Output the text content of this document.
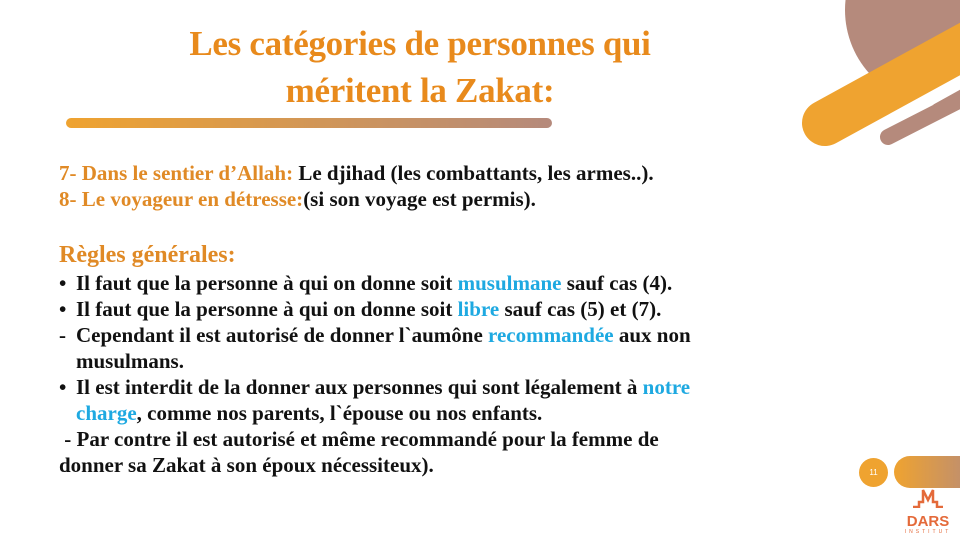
Les catégories de personnes qui
méritent la Zakat:
7- Dans le sentier d’Allah: Le djihad (les combattants, les armes..).
8- Le voyageur en détresse:(si son voyage est permis).
Règles générales:
• Il faut que la personne à qui on donne soit musulmane sauf cas (4).
• Il faut que la personne à qui on donne soit libre sauf cas (5) et (7).
- Cependant il est autorisé de donner l`aumône recommandée aux non
musulmans.
• Il est interdit de la donner aux personnes qui sont légalement à notre
charge, comme nos parents, l`épouse ou nos enfants.
- Par contre il est autorisé et même recommandé pour la femme de
donner sa Zakat à son époux nécessiteux).	11
DARS
INSTITUT
